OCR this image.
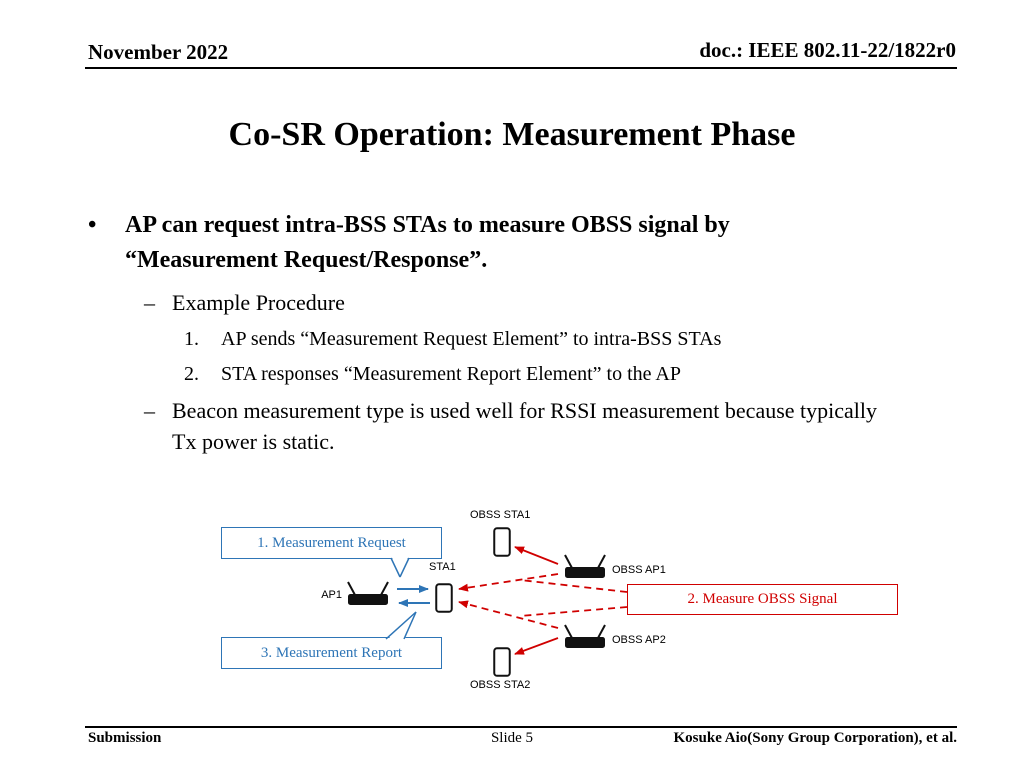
November 2022	doc.: IEEE 802.11-22/1822r0
Co-SR Operation: Measurement Phase
•	AP can request intra-BSS STAs to measure OBSS signal by “Measurement Request/Response”.
– Example Procedure
1.	AP sends “Measurement Request Element” to intra-BSS STAs
2.	STA responses “Measurement Report Element” to the AP
– Beacon measurement type is used well for RSSI measurement because typically Tx power is static.
1. Measurement Request
3. Measurement Report
2. Measure OBSS Signal
AP1
STA1
OBSS STA1
OBSS AP1
OBSS AP2
OBSS STA2
Submission	Slide 5	Kosuke Aio(Sony Group Corporation), et al.
